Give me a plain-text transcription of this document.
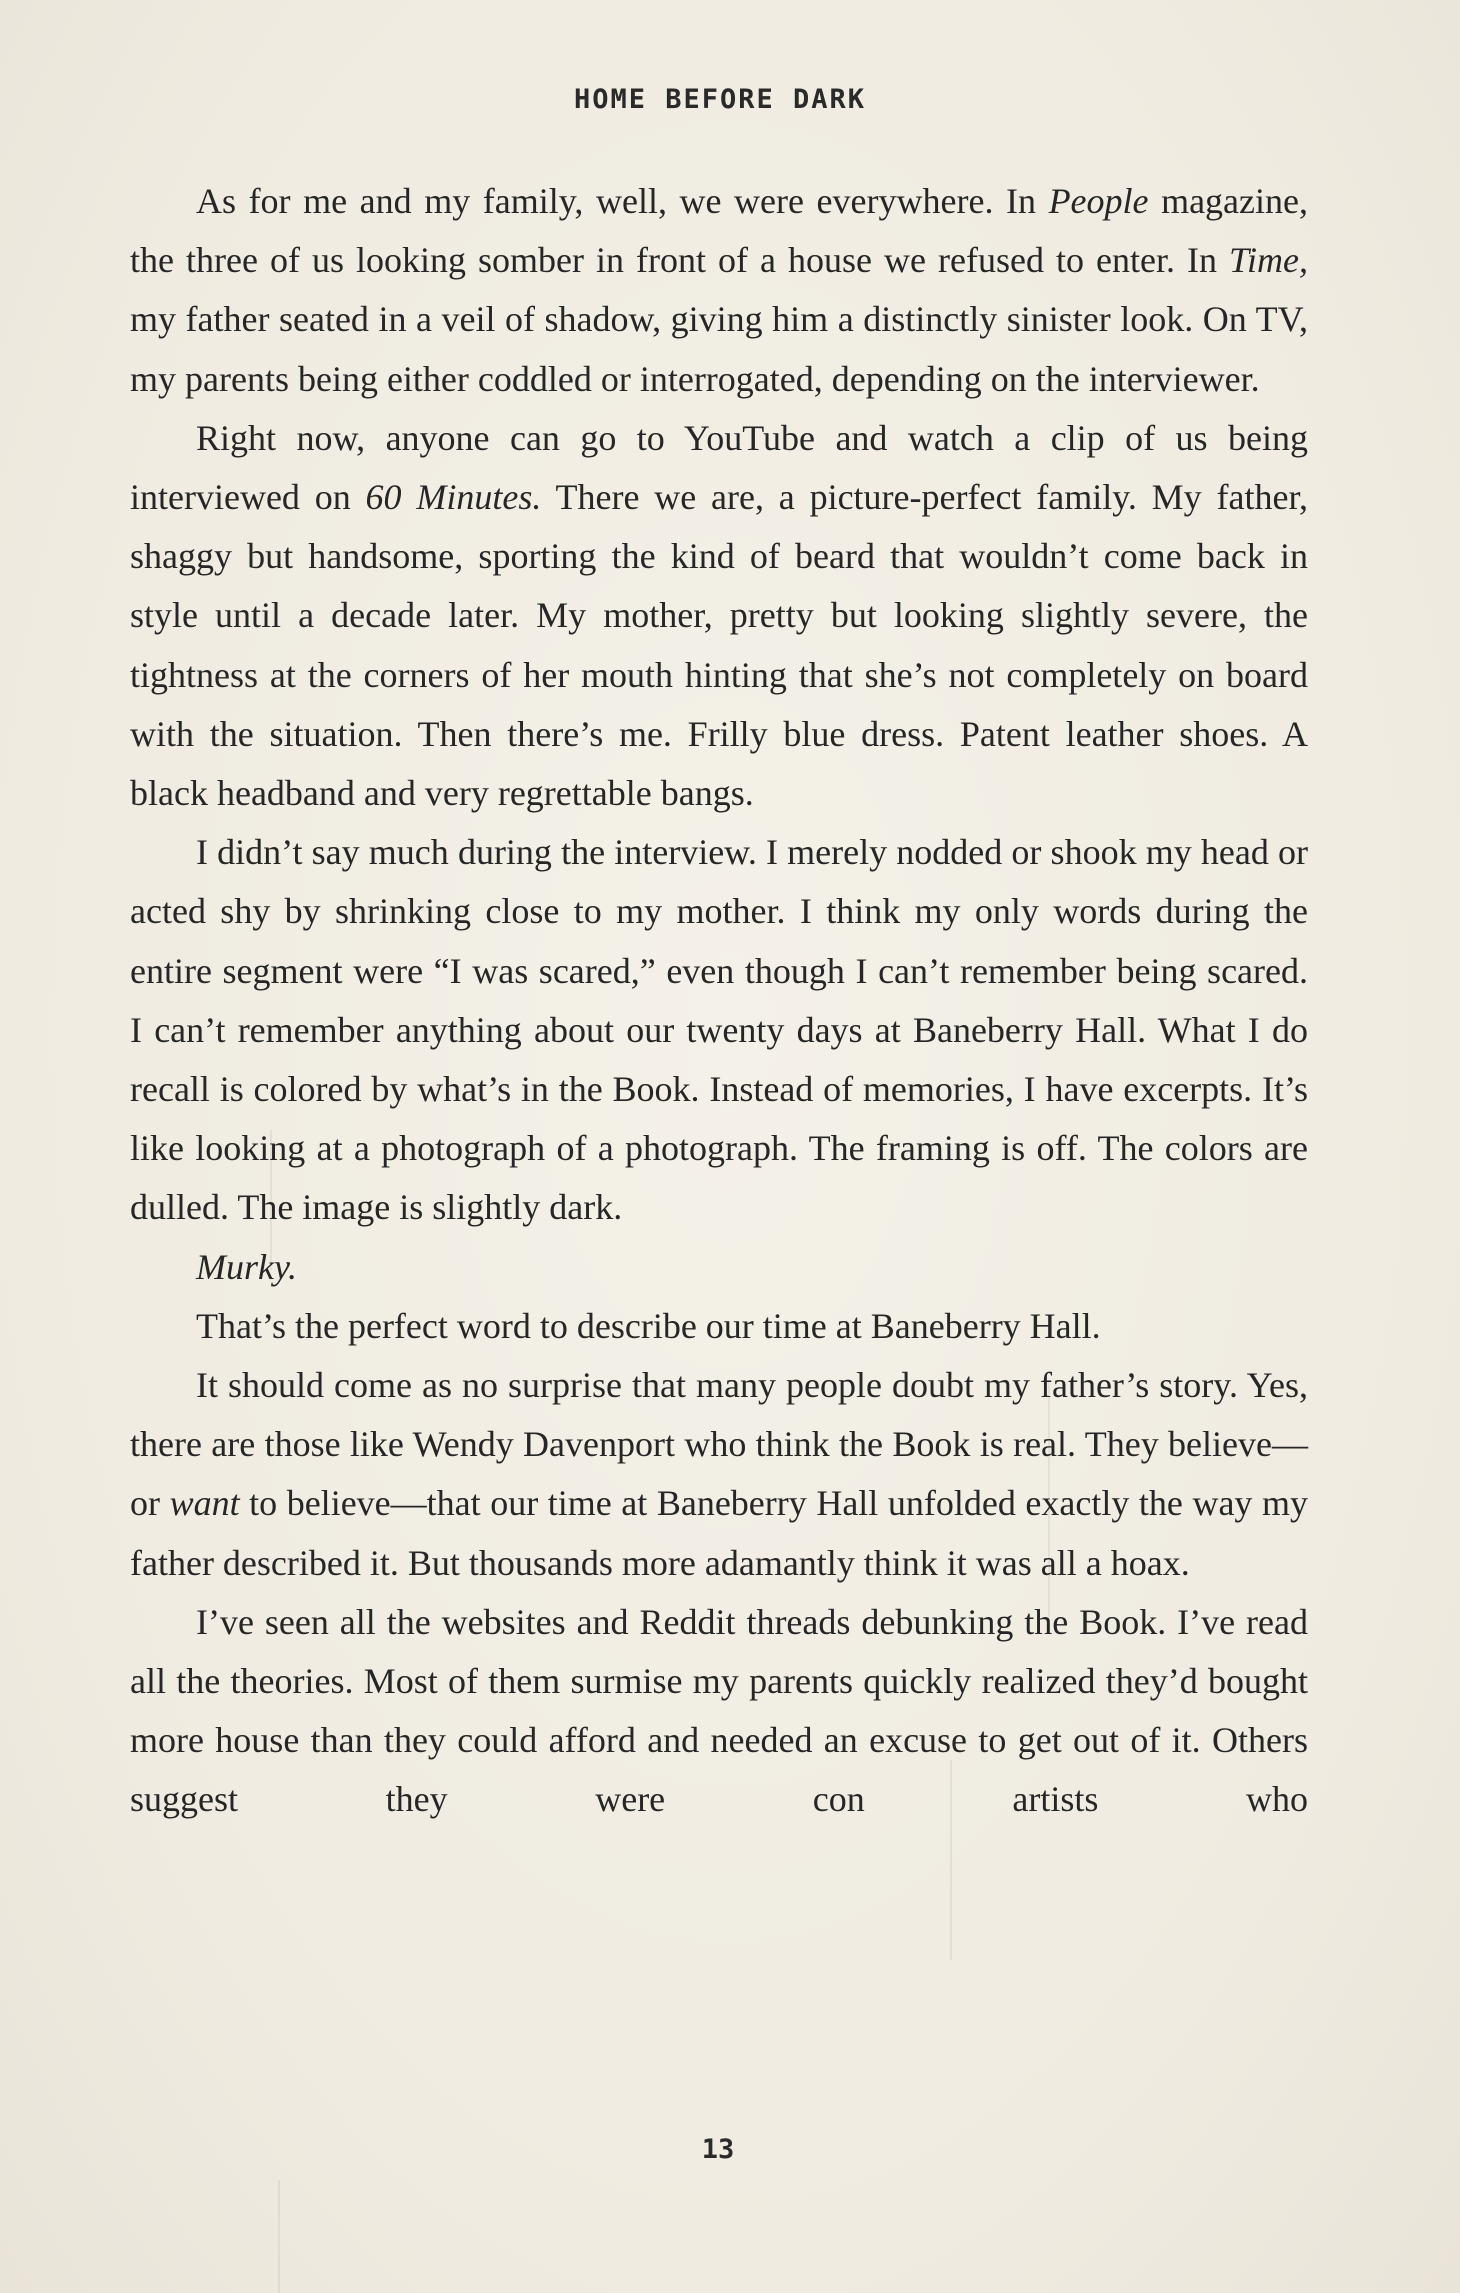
HOME BEFORE DARK

As for me and my family, well, we were everywhere. In People magazine, the three of us looking somber in front of a house we refused to enter. In Time, my father seated in a veil of shadow, giving him a distinctly sinister look. On TV, my parents being either coddled or interrogated, depending on the interviewer.

Right now, anyone can go to YouTube and watch a clip of us being interviewed on 60 Minutes. There we are, a picture-perfect family. My father, shaggy but handsome, sporting the kind of beard that wouldn’t come back in style until a decade later. My mother, pretty but looking slightly severe, the tightness at the corners of her mouth hinting that she’s not completely on board with the situation. Then there’s me. Frilly blue dress. Patent leather shoes. A black headband and very regrettable bangs.

I didn’t say much during the interview. I merely nodded or shook my head or acted shy by shrinking close to my mother. I think my only words during the entire segment were “I was scared,” even though I can’t remember being scared. I can’t remember anything about our twenty days at Baneberry Hall. What I do recall is colored by what’s in the Book. Instead of memories, I have excerpts. It’s like looking at a photograph of a photograph. The framing is off. The colors are dulled. The image is slightly dark.

Murky.

That’s the perfect word to describe our time at Baneberry Hall.

It should come as no surprise that many people doubt my father’s story. Yes, there are those like Wendy Davenport who think the Book is real. They believe—or want to believe—that our time at Baneberry Hall unfolded exactly the way my father described it. But thousands more adamantly think it was all a hoax.

I’ve seen all the websites and Reddit threads debunking the Book. I’ve read all the theories. Most of them surmise my parents quickly realized they’d bought more house than they could afford and needed an excuse to get out of it. Others suggest they were con artists who

13
